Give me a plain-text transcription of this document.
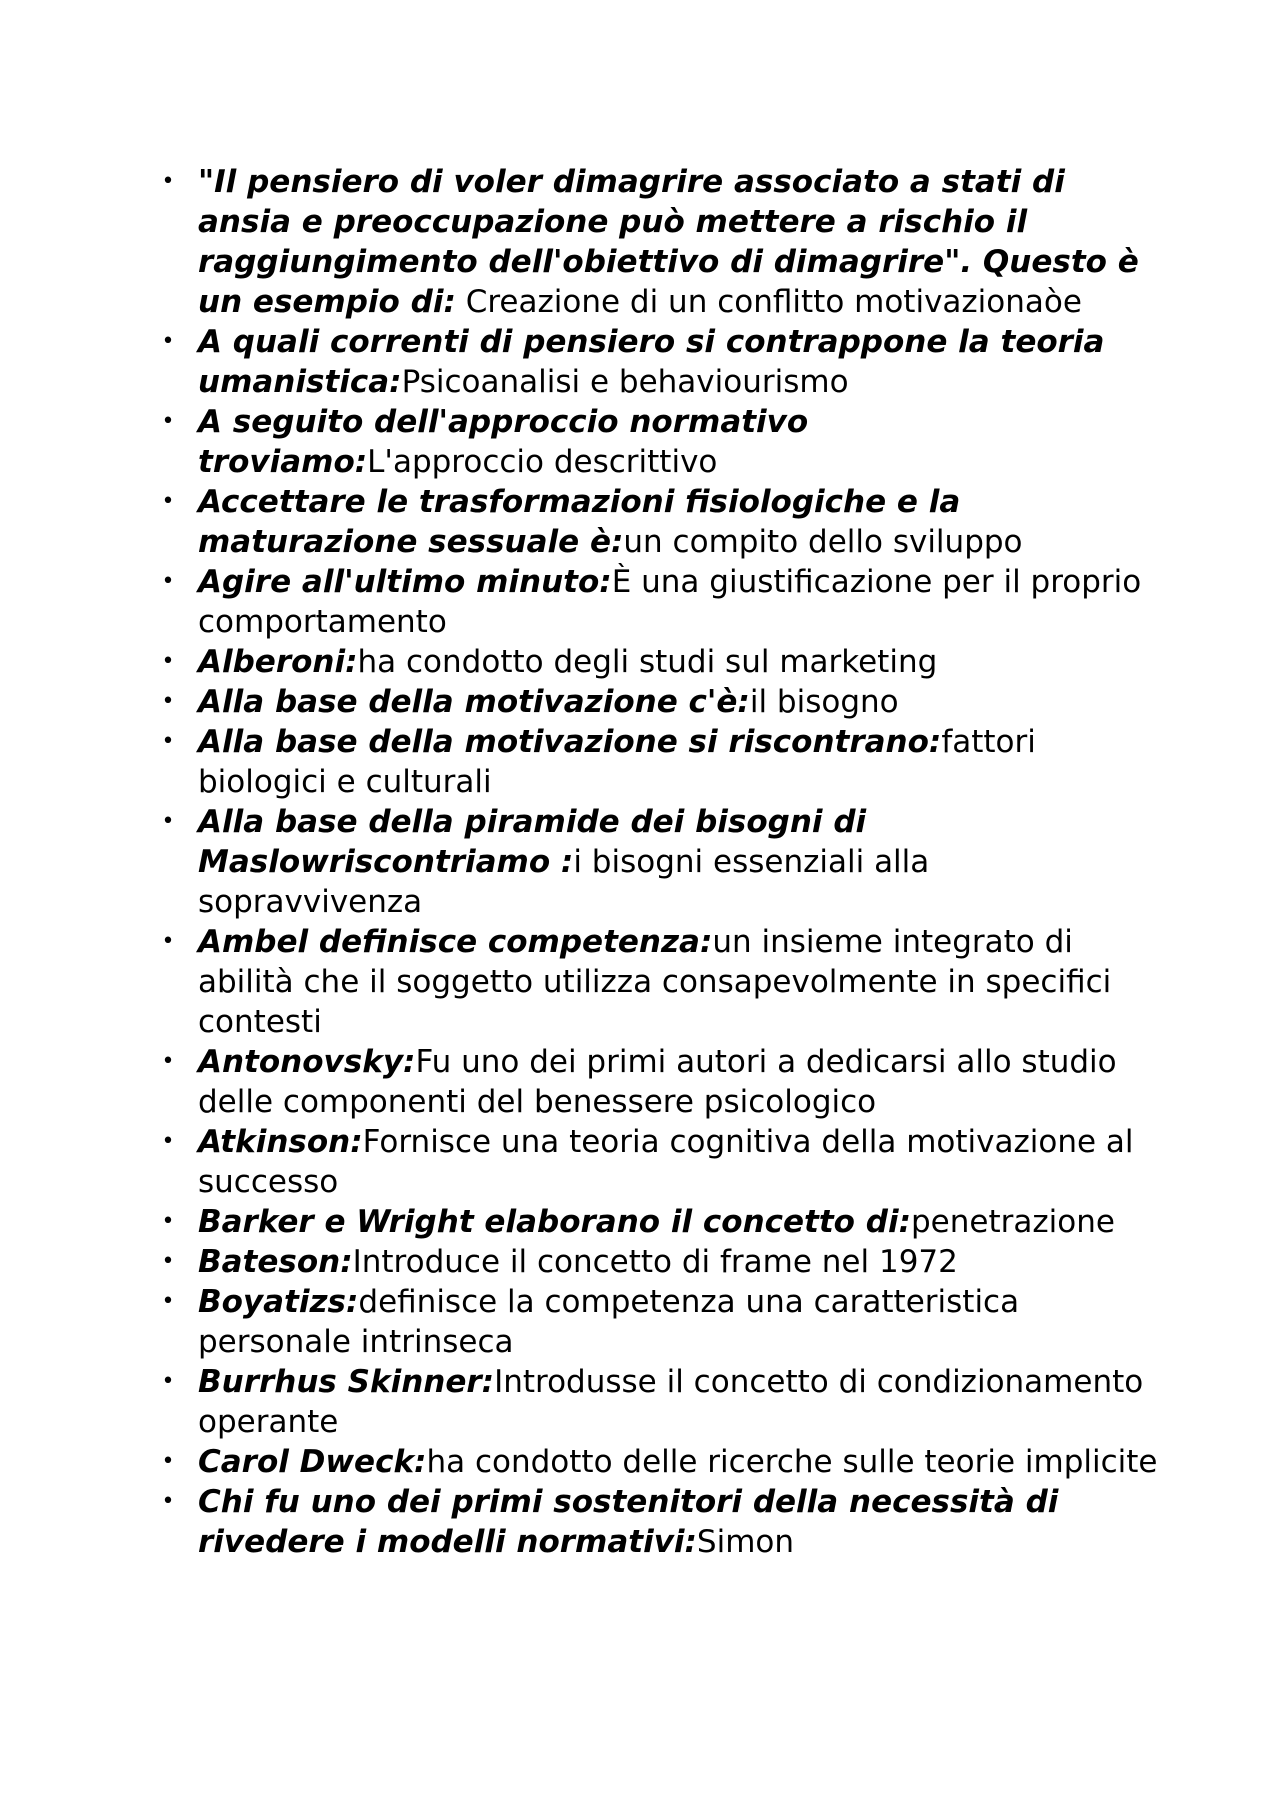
• "Il pensiero di voler dimagrire associato a stati di ansia e preoccupazione può mettere a rischio il raggiungimento dell'obiettivo di dimagrire". Questo è un esempio di: Creazione di un conflitto motivazionaòe
• A quali correnti di pensiero si contrappone la teoria umanistica:Psicoanalisi e behaviourismo
• A seguito dell'approccio normativo troviamo:L'approccio descrittivo
• Accettare le trasformazioni fisiologiche e la maturazione sessuale è:un compito dello sviluppo
• Agire all'ultimo minuto:È una giustificazione per il proprio comportamento
• Alberoni:ha condotto degli studi sul marketing
• Alla base della motivazione c'è:il bisogno
• Alla base della motivazione si riscontrano:fattori biologici e culturali
• Alla base della piramide dei bisogni di Maslowriscontriamo :i bisogni essenziali alla sopravvivenza
• Ambel definisce competenza:un insieme integrato di abilità che il soggetto utilizza consapevolmente in specifici contesti
• Antonovsky:Fu uno dei primi autori a dedicarsi allo studio delle componenti del benessere psicologico
• Atkinson:Fornisce una teoria cognitiva della motivazione al successo
• Barker e Wright elaborano il concetto di:penetrazione
• Bateson:Introduce il concetto di frame nel 1972
• Boyatizs:definisce la competenza una caratteristica personale intrinseca
• Burrhus Skinner:Introdusse il concetto di condizionamento operante
• Carol Dweck:ha condotto delle ricerche sulle teorie implicite
• Chi fu uno dei primi sostenitori della necessità di rivedere i modelli normativi:Simon
